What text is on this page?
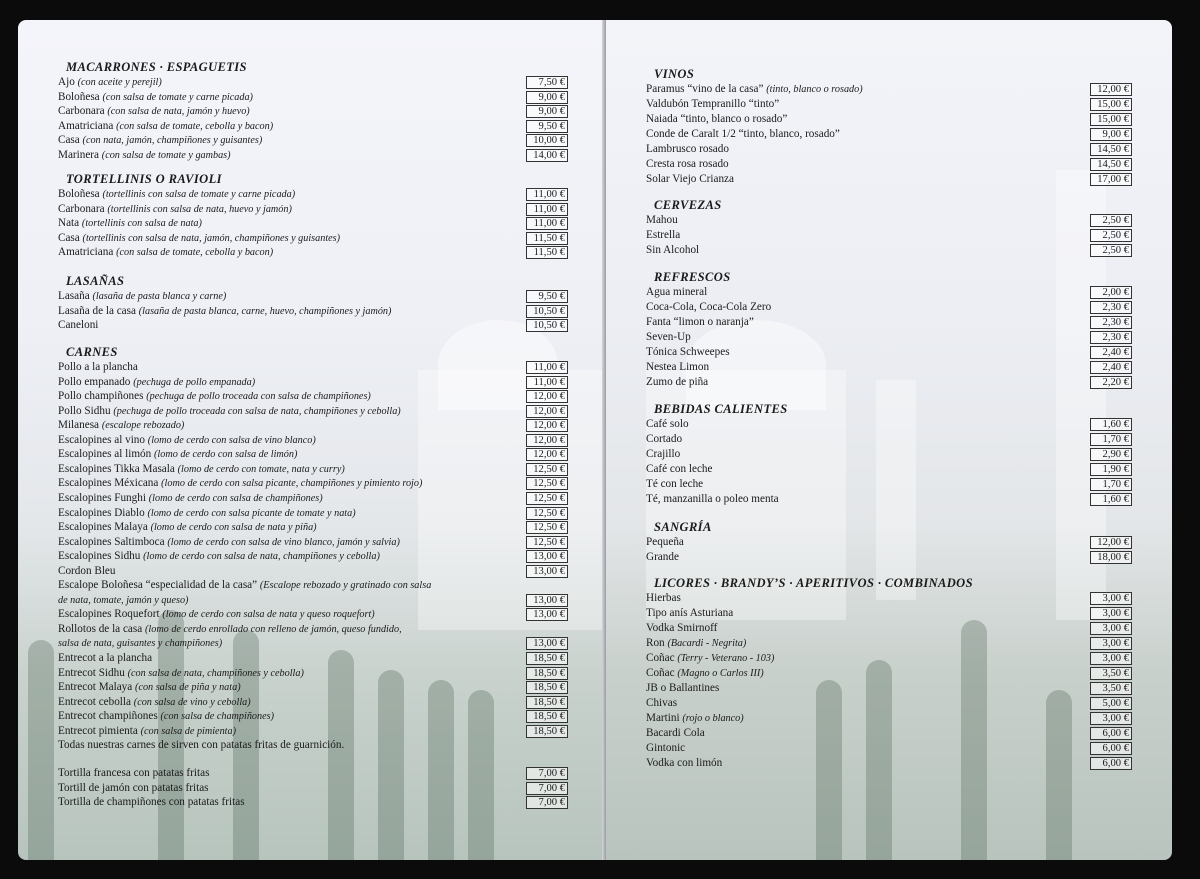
MACARRONES · ESPAGUETIS
Ajo (con aceite y perejil)	7,50 €
Boloñesa (con salsa de tomate y carne picada)	9,00 €
Carbonara (con salsa de nata, jamón y huevo)	9,00 €
Amatriciana (con salsa de tomate, cebolla y bacon)	9,50 €
Casa (con nata, jamón, champiñones y guisantes)	10,00 €
Marinera (con salsa de tomate y gambas)	14,00 €
TORTELLINIS O RAVIOLI
Boloñesa (tortellinis con salsa de tomate y carne picada)	11,00 €
Carbonara (tortellinis con salsa de nata, huevo y jamón)	11,00 €
Nata (tortellinis con salsa de nata)	11,00 €
Casa (tortellinis con salsa de nata, jamón, champiñones y guisantes)	11,50 €
Amatriciana (con salsa de tomate, cebolla y bacon)	11,50 €
LASAÑAS
Lasaña (lasaña de pasta blanca y carne)	9,50 €
Lasaña de la casa (lasaña de pasta blanca, carne, huevo, champiñones y jamón)	10,50 €
Caneloni	10,50 €
CARNES
Pollo a la plancha	11,00 €
Pollo empanado (pechuga de pollo empanada)	11,00 €
Pollo champiñones (pechuga de pollo troceada con salsa de champiñones)	12,00 €
Pollo Sidhu (pechuga de pollo troceada con salsa de nata, champiñones y cebolla)	12,00 €
Milanesa (escalope rebozado)	12,00 €
Escalopines al vino (lomo de cerdo con salsa de vino blanco)	12,00 €
Escalopines al limón (lomo de cerdo con salsa de limón)	12,00 €
Escalopines Tikka Masala (lomo de cerdo con tomate, nata y curry)	12,50 €
Escalopines Méxicana (lomo de cerdo con salsa picante, champiñones y pimiento rojo)	12,50 €
Escalopines Funghi (lomo de cerdo con salsa de champiñones)	12,50 €
Escalopines Diablo (lomo de cerdo con salsa picante de tomate y nata)	12,50 €
Escalopines Malaya (lomo de cerdo con salsa de nata y piña)	12,50 €
Escalopines Saltimboca (lomo de cerdo con salsa de vino blanco, jamón y salvia)	12,50 €
Escalopines Sidhu (lomo de cerdo con salsa de nata, champiñones y cebolla)	13,00 €
Cordon Bleu	13,00 €
Escalope Boloñesa “especialidad de la casa” (Escalope rebozado y gratinado con salsa
de nata, tomate, jamón y queso)	13,00 €
Escalopines Roquefort (lomo de cerdo con salsa de nata y queso roquefort)	13,00 €
Rollotos de la casa (lomo de cerdo enrollado con relleno de jamón, queso fundido,
salsa de nata, guisantes y champiñones)	13,00 €
Entrecot a la plancha	18,50 €
Entrecot Sidhu (con salsa de nata, champiñones y cebolla)	18,50 €
Entrecot Malaya (con salsa de piña y nata)	18,50 €
Entrecot cebolla (con salsa de vino y cebolla)	18,50 €
Entrecot champiñones (con salsa de champiñones)	18,50 €
Entrecot pimienta (con salsa de pimienta)	18,50 €
Todas nuestras carnes de sirven con patatas fritas de guarnición.
Tortilla francesa con patatas fritas	7,00 €
Tortill de jamón con patatas fritas	7,00 €
Tortilla de champiñones con patatas fritas	7,00 €
VINOS
Paramus “vino de la casa” (tinto, blanco o rosado)	12,00 €
Valdubón Tempranillo “tinto”	15,00 €
Naiada “tinto, blanco o rosado”	15,00 €
Conde de Caralt 1/2 “tinto, blanco, rosado”	9,00 €
Lambrusco rosado	14,50 €
Cresta rosa rosado	14,50 €
Solar Viejo Crianza	17,00 €
CERVEZAS
Mahou	2,50 €
Estrella	2,50 €
Sin Alcohol	2,50 €
REFRESCOS
Agua mineral	2,00 €
Coca-Cola, Coca-Cola Zero	2,30 €
Fanta “limon o naranja”	2,30 €
Seven-Up	2,30 €
Tónica Schweepes	2,40 €
Nestea Limon	2,40 €
Zumo de piña	2,20 €
BEBIDAS CALIENTES
Café solo	1,60 €
Cortado	1,70 €
Crajillo	2,90 €
Café con leche	1,90 €
Té con leche	1,70 €
Té, manzanilla o poleo menta	1,60 €
SANGRÍA
Pequeña	12,00 €
Grande	18,00 €
LICORES · BRANDY’S · APERITIVOS · COMBINADOS
Hierbas	3,00 €
Tipo anís Asturiana	3,00 €
Vodka Smirnoff	3,00 €
Ron (Bacardi - Negrita)	3,00 €
Coñac (Terry - Veterano - 103)	3,00 €
Coñac (Magno o Carlos III)	3,50 €
JB o Ballantines	3,50 €
Chivas	5,00 €
Martini (rojo o blanco)	3,00 €
Bacardi Cola	6,00 €
Gintonic	6,00 €
Vodka con limón	6,00 €
